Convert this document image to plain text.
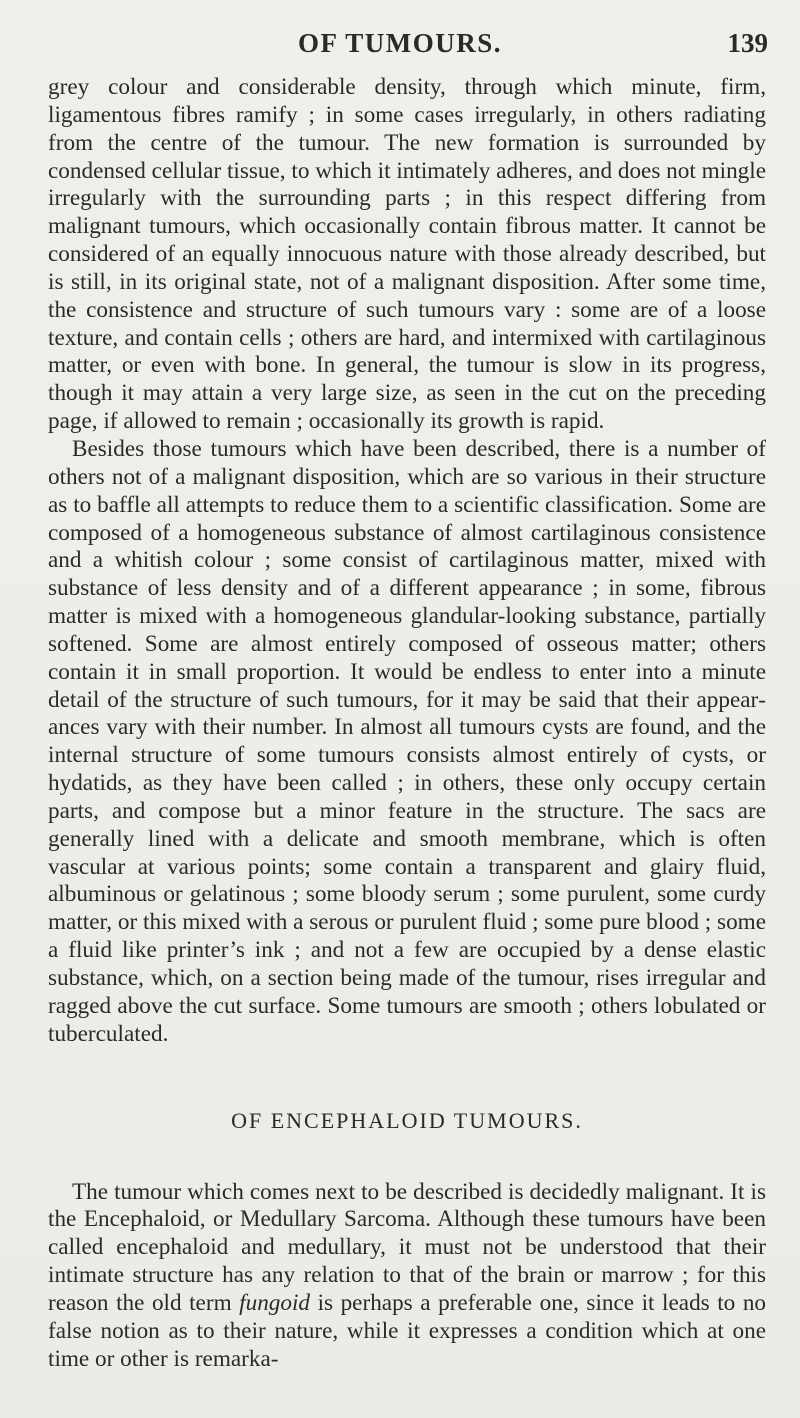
OF TUMOURS.	139

grey colour and considerable density, through which minute, firm, ligamentous fibres ramify ; in some cases irregularly, in others radiating from the centre of the tumour. The new formation is surrounded by condensed cellular tissue, to which it intimately adheres, and does not mingle irregularly with the surrounding parts ; in this respect differing from malignant tumours, which occasionally contain fibrous matter. It cannot be considered of an equally innocuous nature with those already described, but is still, in its original state, not of a malignant disposition. After some time, the consistence and structure of such tumours vary : some are of a loose texture, and contain cells ; others are hard, and intermixed with cartilaginous matter, or even with bone. In general, the tumour is slow in its progress, though it may attain a very large size, as seen in the cut on the preceding page, if allowed to remain ; occasionally its growth is rapid.

Besides those tumours which have been described, there is a number of others not of a malignant disposition, which are so various in their structure as to baffle all attempts to reduce them to a scientific classification. Some are composed of a homogeneous substance of almost cartilaginous consistence and a whitish colour ; some consist of cartilaginous matter, mixed with substance of less density and of a different appearance ; in some, fibrous matter is mixed with a homogeneous glandular-looking substance, partially softened. Some are almost entirely composed of osseous matter; others contain it in small proportion. It would be endless to enter into a minute detail of the structure of such tumours, for it may be said that their appearances vary with their number. In almost all tumours cysts are found, and the internal structure of some tumours consists almost entirely of cysts, or hydatids, as they have been called ; in others, these only occupy certain parts, and compose but a minor feature in the structure. The sacs are generally lined with a delicate and smooth membrane, which is often vascular at various points; some contain a transparent and glairy fluid, albuminous or gelatinous ; some bloody serum ; some purulent, some curdy matter, or this mixed with a serous or purulent fluid ; some pure blood ; some a fluid like printer’s ink ; and not a few are occupied by a dense elastic substance, which, on a section being made of the tumour, rises irregular and ragged above the cut surface. Some tumours are smooth ; others lobulated or tuberculated.

OF ENCEPHALOID TUMOURS.

The tumour which comes next to be described is decidedly malignant. It is the Encephaloid, or Medullary Sarcoma. Although these tumours have been called encephaloid and medullary, it must not be understood that their intimate structure has any relation to that of the brain or marrow ; for this reason the old term fungoid is perhaps a preferable one, since it leads to no false notion as to their nature, while it expresses a condition which at one time or other is remarka-
